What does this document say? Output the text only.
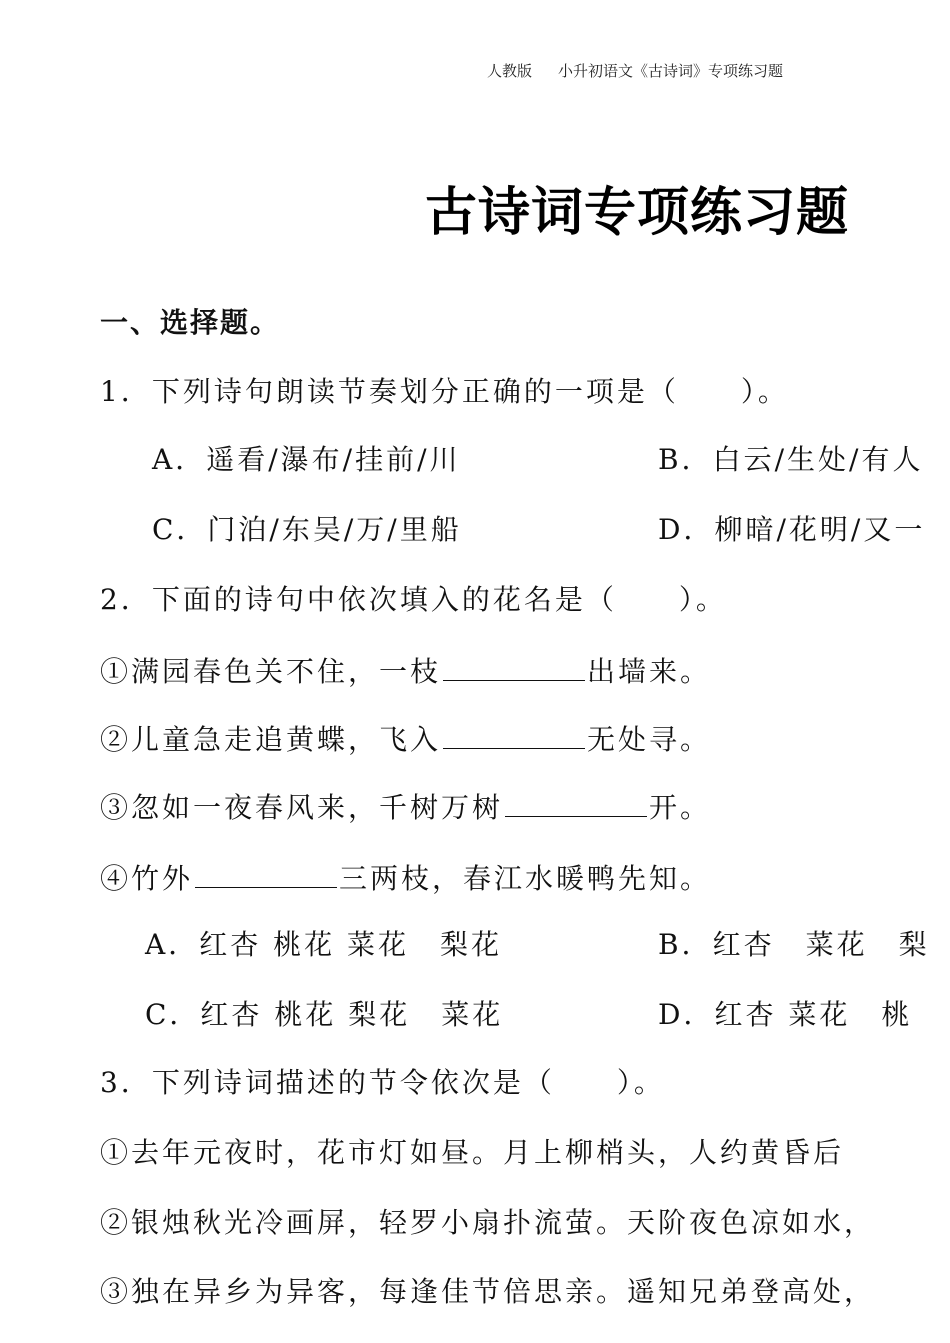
人教版 小升初语文《古诗词》专项练习题
古诗词专项练习题
一、选择题。
1．下列诗句朗读节奏划分正确的一项是（　　）。
A．遥看/瀑布/挂前/川	B．白云/生处/有人
C．门泊/东吴/万/里船	D．柳暗/花明/又一
2．下面的诗句中依次填入的花名是（　　）。
①满园春色关不住，一枝	出墙来。
②儿童急走追黄蝶，飞入	无处寻。
③忽如一夜春风来，千树万树	开。
④竹外	三两枝，春江水暖鸭先知。
A．红杏 桃花 菜花　梨花	B．红杏　菜花　梨
C．红杏 桃花 梨花　菜花	D．红杏 菜花　桃
3．下列诗词描述的节令依次是（　　）。
①去年元夜时，花市灯如昼。月上柳梢头，人约黄昏后
②银烛秋光冷画屏，轻罗小扇扑流萤。天阶夜色凉如水，
③独在异乡为异客，每逢佳节倍思亲。遥知兄弟登高处，
